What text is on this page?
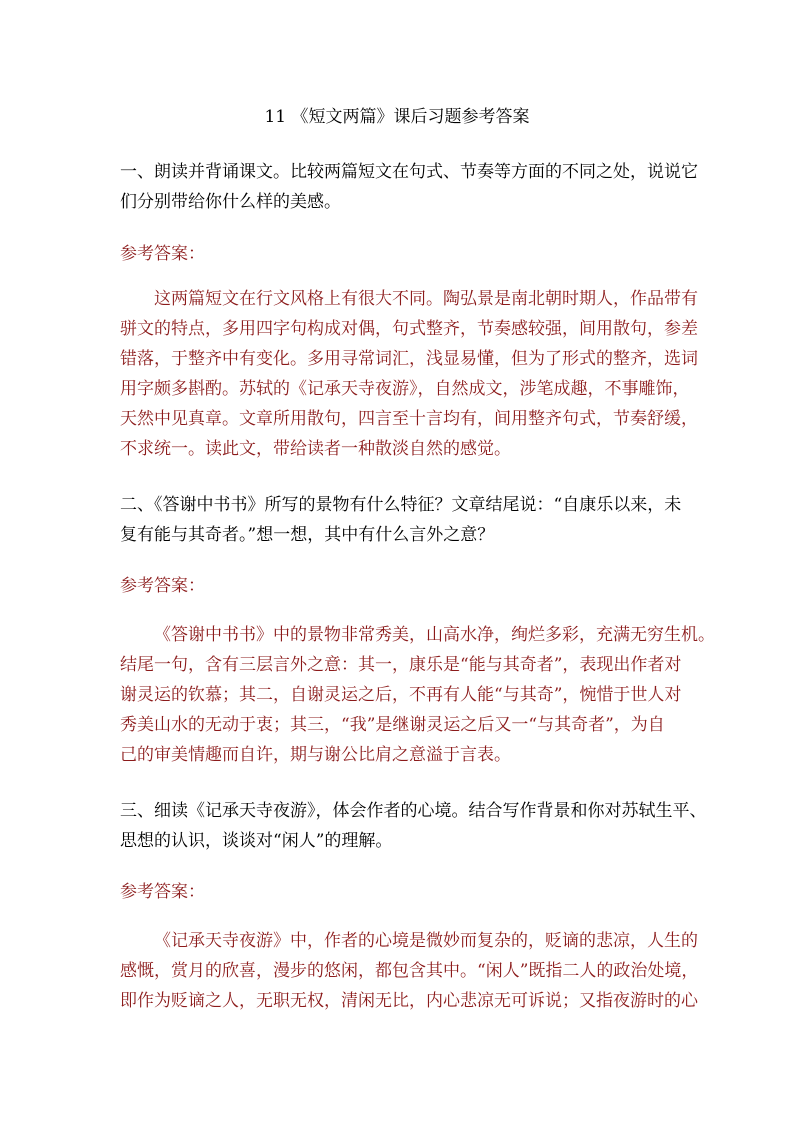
11 《短文两篇》课后习题参考答案
一、朗读并背诵课文。比较两篇短文在句式、节奏等方面的不同之处，说说它
们分别带给你什么样的美感。
参考答案：
这两篇短文在行文风格上有很大不同。陶弘景是南北朝时期人，作品带有
骈文的特点，多用四字句构成对偶，句式整齐，节奏感较强，间用散句，参差
错落，于整齐中有变化。多用寻常词汇，浅显易懂，但为了形式的整齐，选词
用字颇多斟酌。苏轼的《记承天寺夜游》，自然成文，涉笔成趣，不事雕饰，
天然中见真章。文章所用散句，四言至十言均有，间用整齐句式，节奏舒缓，
不求统一。读此文，带给读者一种散淡自然的感觉。
二、《答谢中书书》所写的景物有什么特征？文章结尾说：“自康乐以来，未
复有能与其奇者。”想一想，其中有什么言外之意？
参考答案：
《答谢中书书》中的景物非常秀美，山高水净，绚烂多彩，充满无穷生机。
结尾一句，含有三层言外之意：其一，康乐是“能与其奇者”，表现出作者对
谢灵运的钦慕；其二，自谢灵运之后，不再有人能“与其奇”，惋惜于世人对
秀美山水的无动于衷；其三，“我”是继谢灵运之后又一“与其奇者”，为自
己的审美情趣而自许，期与谢公比肩之意溢于言表。
三、细读《记承天寺夜游》，体会作者的心境。结合写作背景和你对苏轼生平、
思想的认识，谈谈对“闲人”的理解。
参考答案：
《记承天寺夜游》中，作者的心境是微妙而复杂的，贬谪的悲凉，人生的
感慨，赏月的欣喜，漫步的悠闲，都包含其中。“闲人”既指二人的政治处境，
即作为贬谪之人，无职无权，清闲无比，内心悲凉无可诉说；又指夜游时的心
